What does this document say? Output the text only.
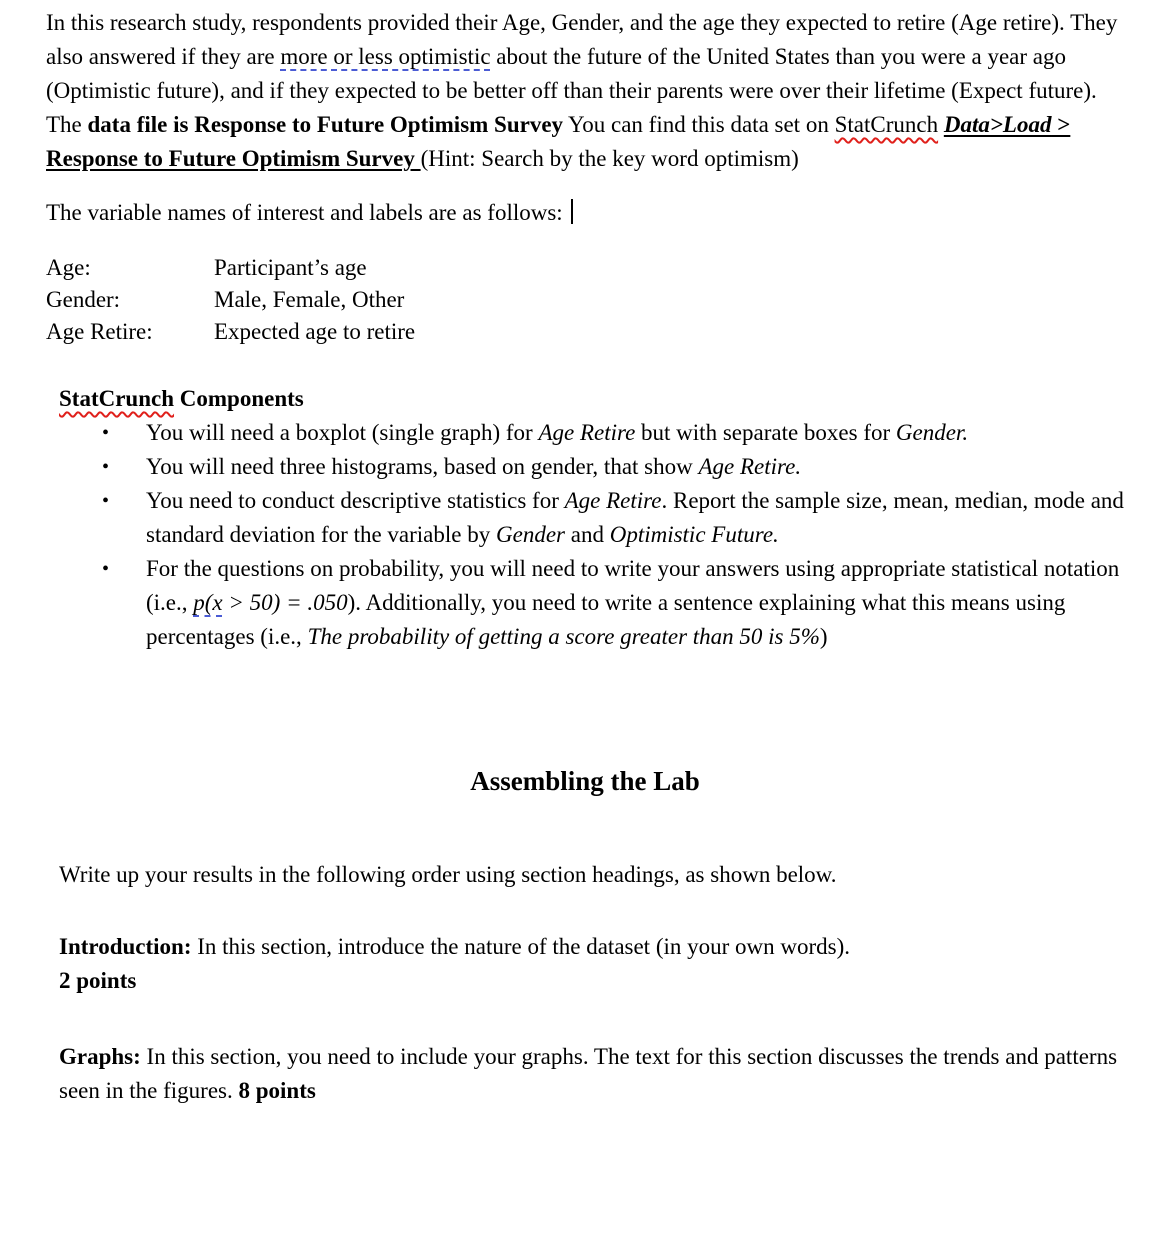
In this research study, respondents provided their Age, Gender, and the age they expected to retire (Age retire). They also answered if they are more or less optimistic about the future of the United States than you were a year ago (Optimistic future), and if they expected to be better off than their parents were over their lifetime (Expect future). The data file is Response to Future Optimism Survey You can find this data set on StatCrunch Data>Load > Response to Future Optimism Survey (Hint: Search by the key word optimism)

The variable names of interest and labels are as follows:

Age:	Participant’s age
Gender:	Male, Female, Other
Age Retire:	Expected age to retire

StatCrunch Components

• You will need a boxplot (single graph) for Age Retire but with separate boxes for Gender.
• You will need three histograms, based on gender, that show Age Retire.
• You need to conduct descriptive statistics for Age Retire. Report the sample size, mean, median, mode and standard deviation for the variable by Gender and Optimistic Future.
• For the questions on probability, you will need to write your answers using appropriate statistical notation (i.e., p(x > 50) = .050). Additionally, you need to write a sentence explaining what this means using percentages (i.e., The probability of getting a score greater than 50 is 5%)

Assembling the Lab

Write up your results in the following order using section headings, as shown below.

Introduction: In this section, introduce the nature of the dataset (in your own words).
2 points

Graphs: In this section, you need to include your graphs. The text for this section discusses the trends and patterns seen in the figures. 8 points
